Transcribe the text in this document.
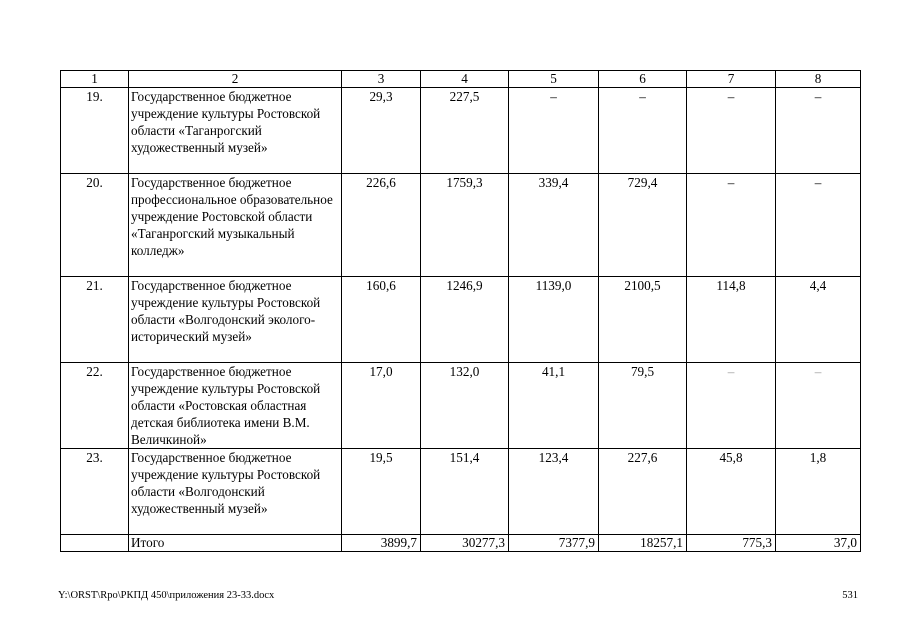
1	2	3	4	5	6	7	8
19.	Государственное бюджетное учреждение культуры Ростовской области «Таганрогский художественный музей»	29,3	227,5	–	–	–	–
20.	Государственное бюджетное профессиональное образовательное учреждение Ростовской области «Таганрогский музыкальный колледж»	226,6	1759,3	339,4	729,4	–	–
21.	Государственное бюджетное учреждение культуры Ростовской области «Волгодонский эколого-исторический музей»	160,6	1246,9	1139,0	2100,5	114,8	4,4
22.	Государственное бюджетное учреждение культуры Ростовской области «Ростовская областная детская библиотека имени В.М. Величкиной»	17,0	132,0	41,1	79,5	–	–
23.	Государственное бюджетное учреждение культуры Ростовской области «Волгодонский художественный музей»	19,5	151,4	123,4	227,6	45,8	1,8
	Итого	3899,7	30277,3	7377,9	18257,1	775,3	37,0
Y:\ORST\Rpo\РКПД 450\приложения 23-33.docx	531
